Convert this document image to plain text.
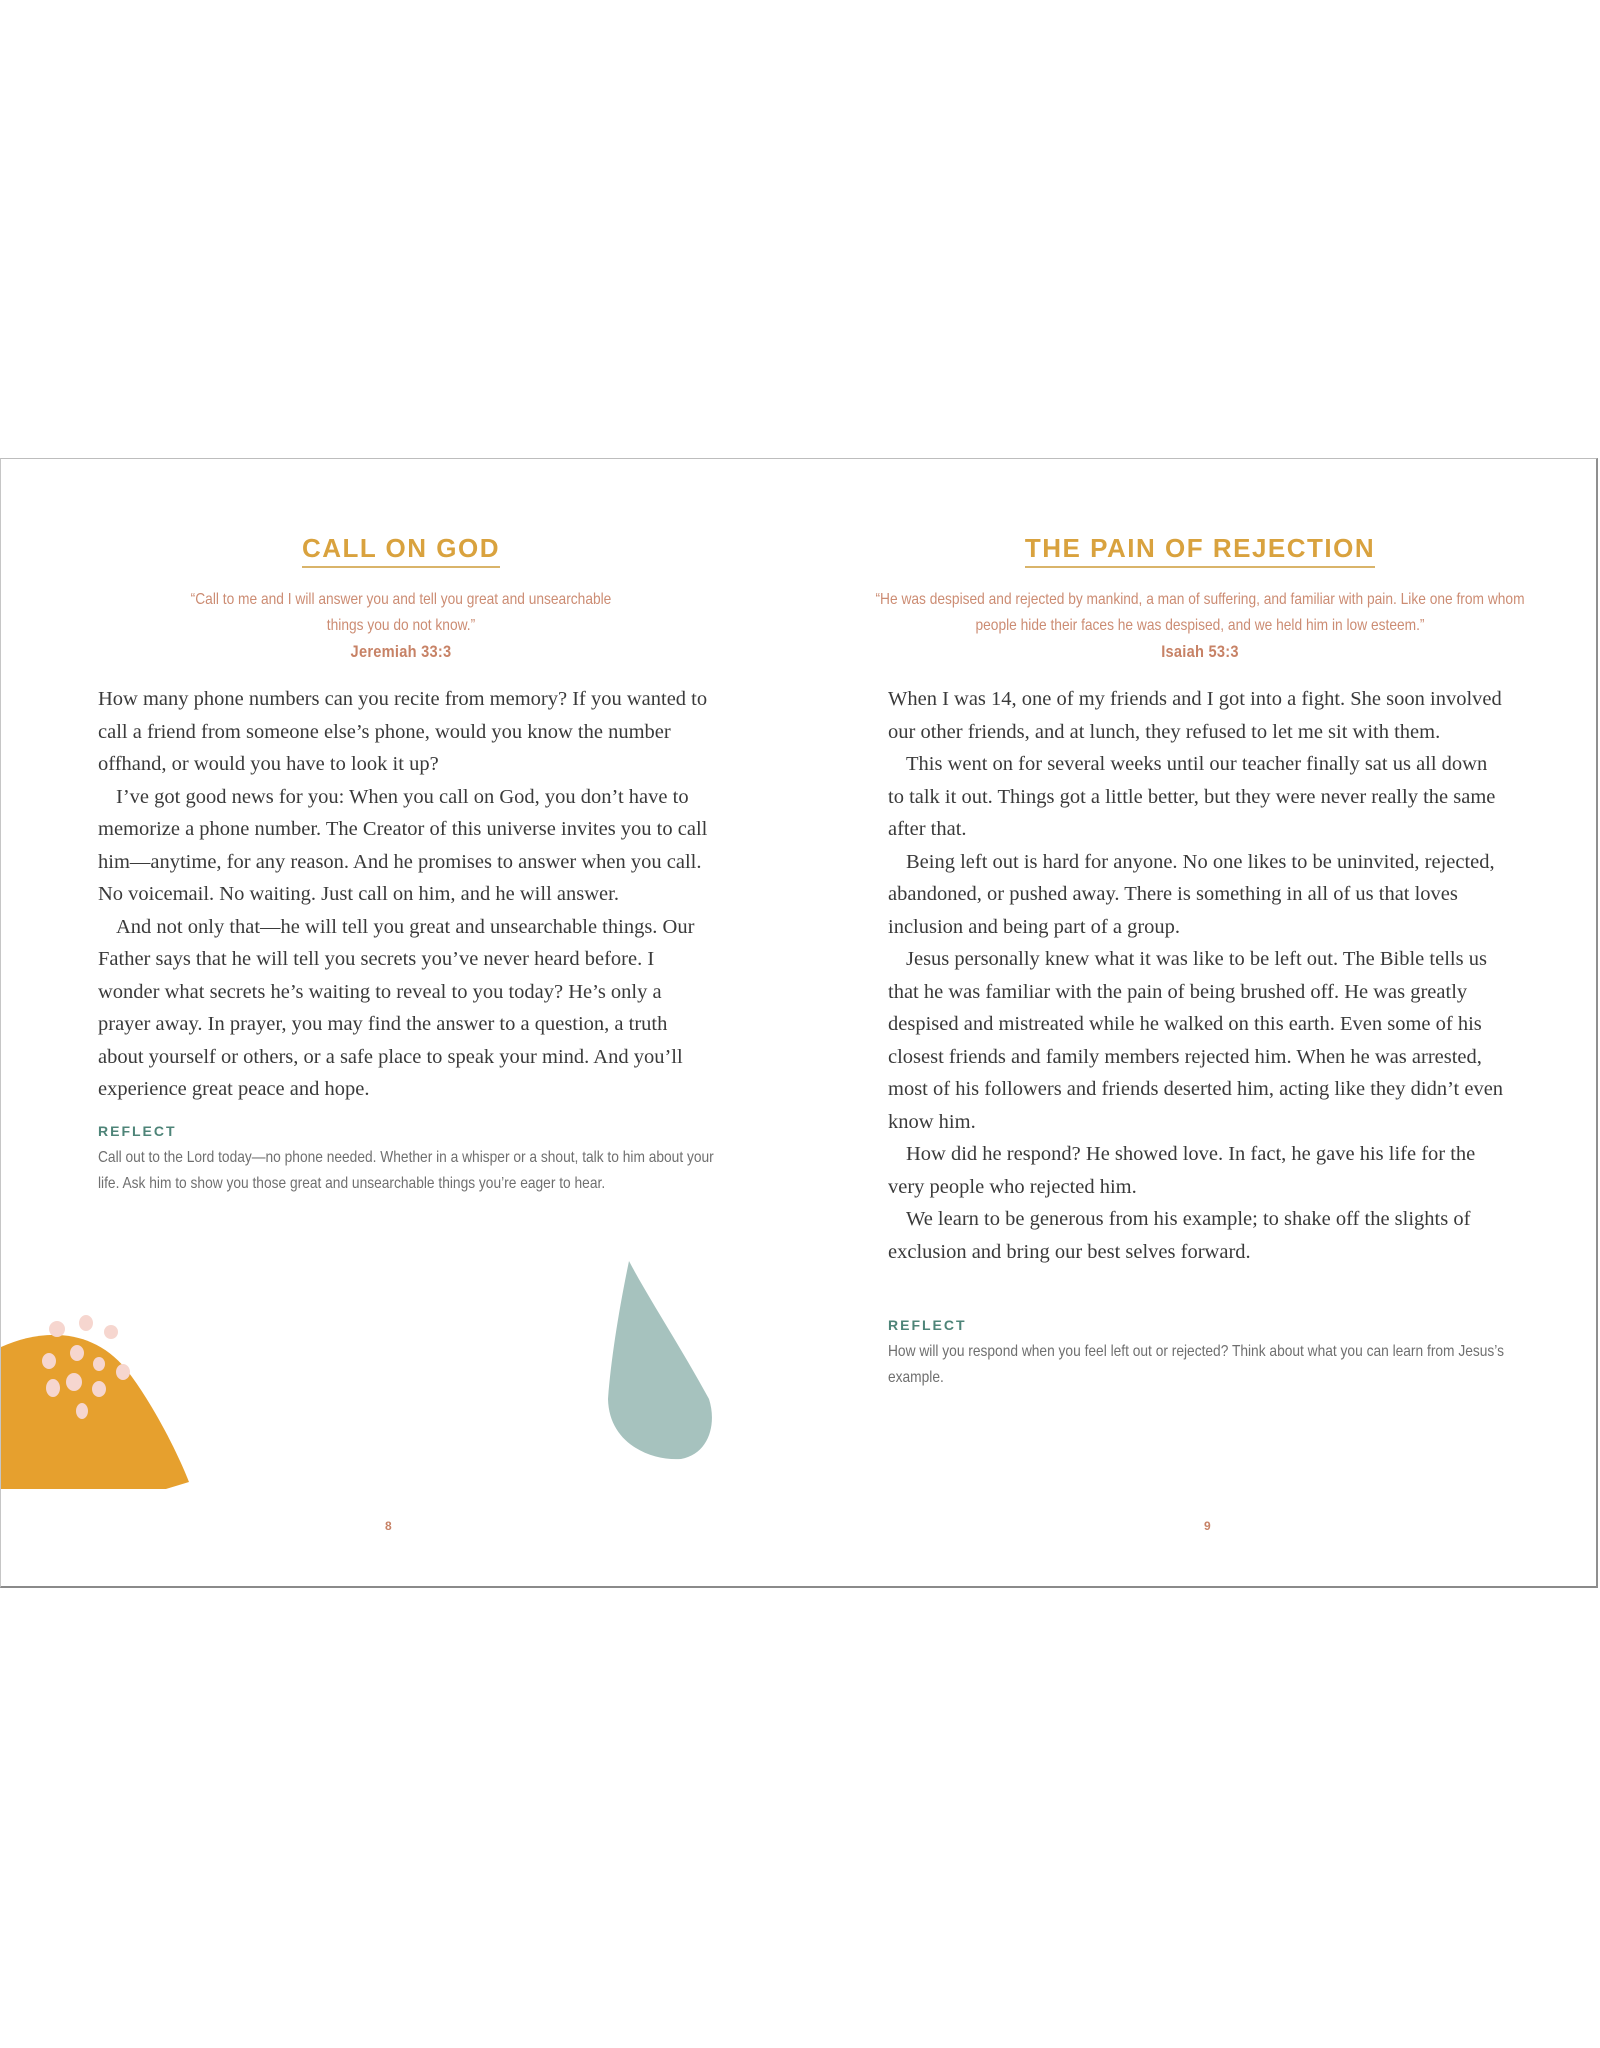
CALL ON GOD
“Call to me and I will answer you and tell you great and unsearchable things you do not know.”
Jeremiah 33:3

How many phone numbers can you recite from memory? If you wanted to call a friend from someone else’s phone, would you know the number offhand, or would you have to look it up?

I’ve got good news for you: When you call on God, you don’t have to memorize a phone number. The Creator of this universe invites you to call him—anytime, for any reason. And he promises to answer when you call. No voicemail. No waiting. Just call on him, and he will answer.

And not only that—he will tell you great and unsearchable things. Our Father says that he will tell you secrets you’ve never heard before. I wonder what secrets he’s waiting to reveal to you today? He’s only a prayer away. In prayer, you may find the answer to a question, a truth about yourself or others, or a safe place to speak your mind. And you’ll experience great peace and hope.

REFLECT
Call out to the Lord today—no phone needed. Whether in a whisper or a shout, talk to him about your life. Ask him to show you those great and unsearchable things you’re eager to hear.
8
THE PAIN OF REJECTION
“He was despised and rejected by mankind, a man of suffering, and familiar with pain. Like one from whom people hide their faces he was despised, and we held him in low esteem.”
Isaiah 53:3

When I was 14, one of my friends and I got into a fight. She soon involved our other friends, and at lunch, they refused to let me sit with them.

This went on for several weeks until our teacher finally sat us all down to talk it out. Things got a little better, but they were never really the same after that.

Being left out is hard for anyone. No one likes to be uninvited, rejected, abandoned, or pushed away. There is something in all of us that loves inclusion and being part of a group.

Jesus personally knew what it was like to be left out. The Bible tells us that he was familiar with the pain of being brushed off. He was greatly despised and mistreated while he walked on this earth. Even some of his closest friends and family members rejected him. When he was arrested, most of his followers and friends deserted him, acting like they didn’t even know him.

How did he respond? He showed love. In fact, he gave his life for the very people who rejected him.

We learn to be generous from his example; to shake off the slights of exclusion and bring our best selves forward.

REFLECT
How will you respond when you feel left out or rejected? Think about what you can learn from Jesus’s example.
9
